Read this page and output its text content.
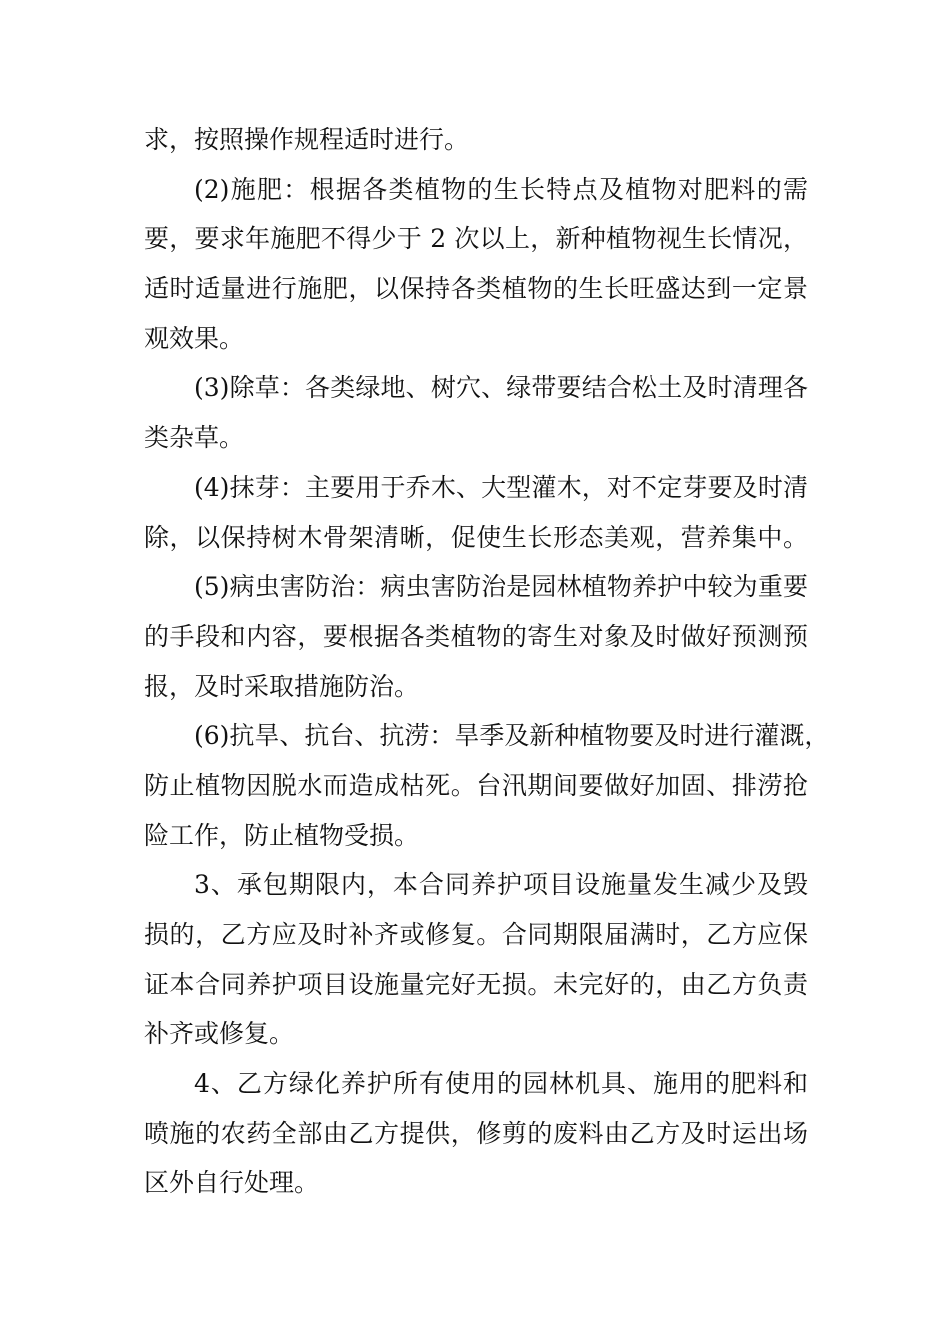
求，按照操作规程适时进行。
(2)施肥：根据各类植物的生长特点及植物对肥料的需
要，要求年施肥不得少于 2 次以上，新种植物视生长情况，
适时适量进行施肥，以保持各类植物的生长旺盛达到一定景
观效果。
(3)除草：各类绿地、树穴、绿带要结合松土及时清理各
类杂草。
(4)抹芽：主要用于乔木、大型灌木，对不定芽要及时清
除，以保持树木骨架清晰，促使生长形态美观，营养集中。
(5)病虫害防治：病虫害防治是园林植物养护中较为重要
的手段和内容，要根据各类植物的寄生对象及时做好预测预
报，及时采取措施防治。
(6)抗旱、抗台、抗涝：旱季及新种植物要及时进行灌溉，
防止植物因脱水而造成枯死。台汛期间要做好加固、排涝抢
险工作，防止植物受损。
3、承包期限内，本合同养护项目设施量发生减少及毁
损的，乙方应及时补齐或修复。合同期限届满时，乙方应保
证本合同养护项目设施量完好无损。未完好的，由乙方负责
补齐或修复。
4、乙方绿化养护所有使用的园林机具、施用的肥料和
喷施的农药全部由乙方提供，修剪的废料由乙方及时运出场
区外自行处理。
